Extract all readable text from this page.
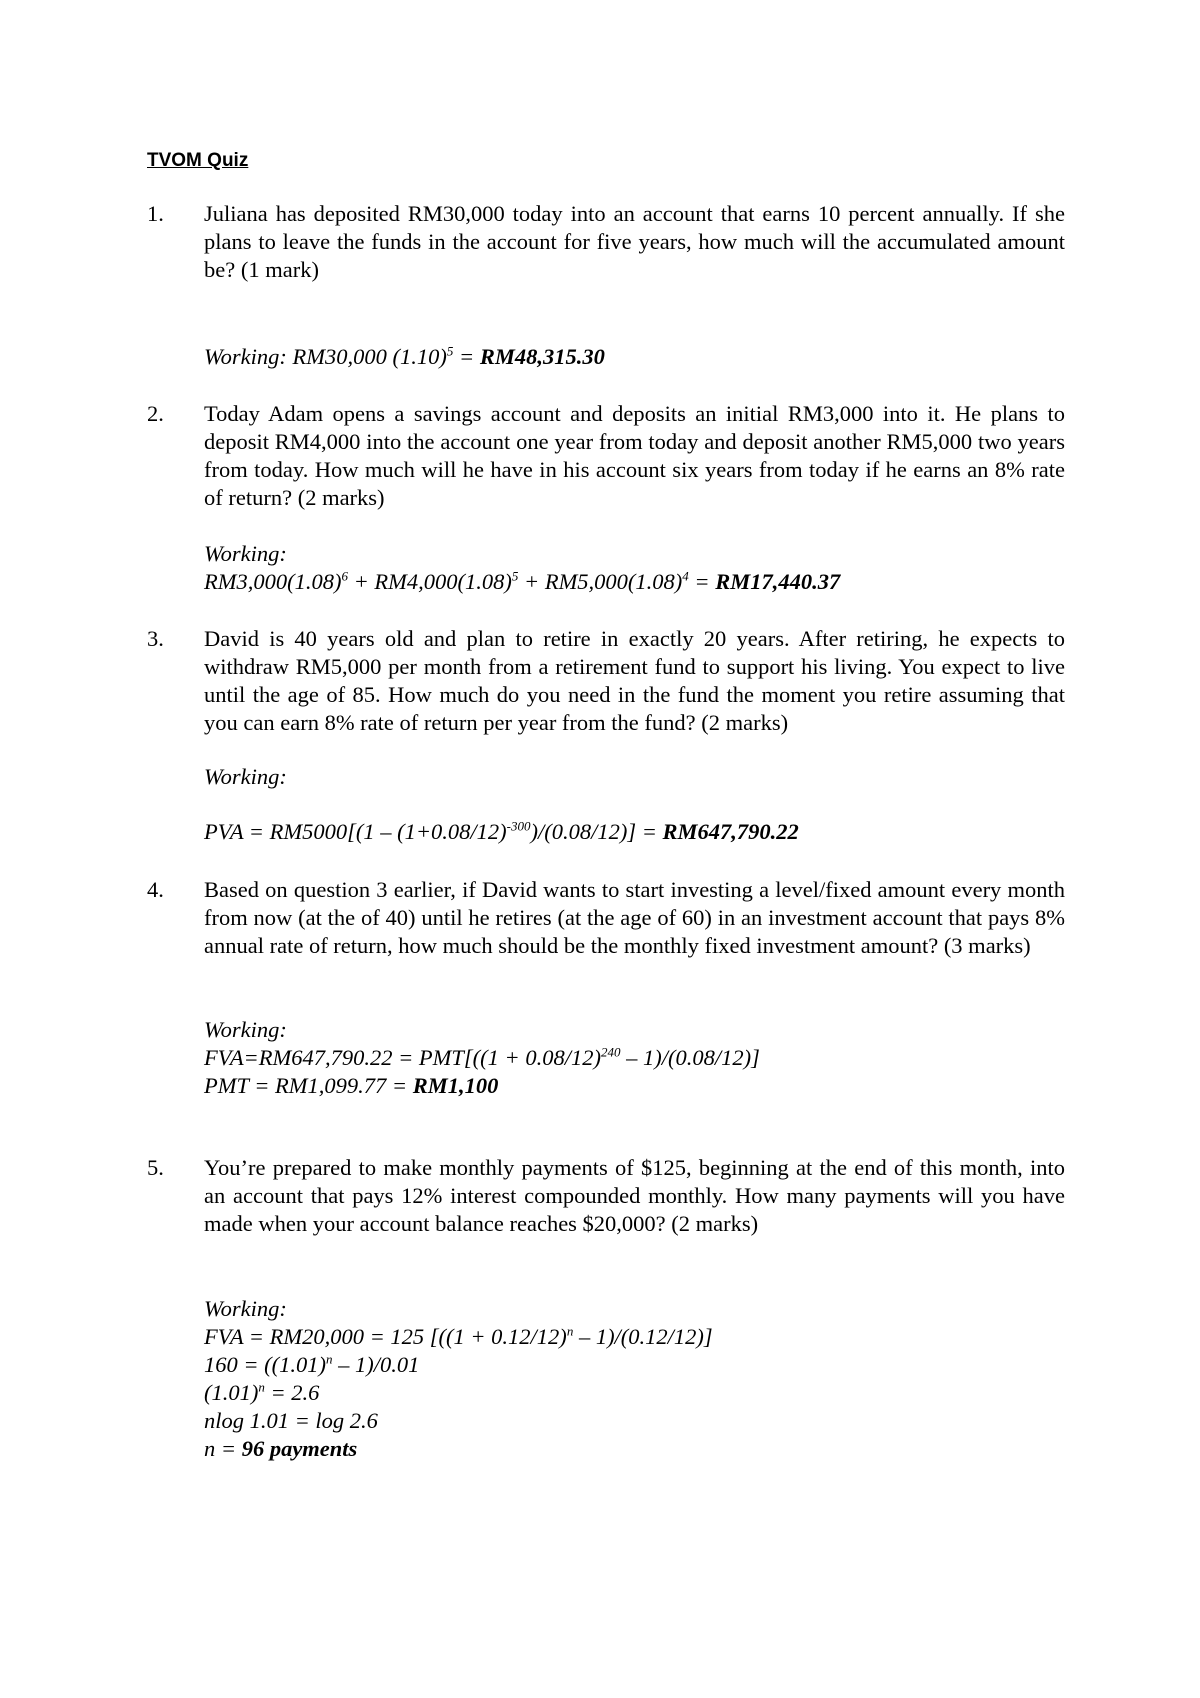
TVOM Quiz
1. Juliana has deposited RM30,000 today into an account that earns 10 percent annually. If she plans to leave the funds in the account for five years, how much will the accumulated amount be? (1 mark)
Working: RM30,000 $(1.10)^5 = RM48,315.30$
2. Today Adam opens a savings account and deposits an initial RM3,000 into it. He plans to deposit RM4,000 into the account one year from today and deposit another RM5,000 two years from today. How much will he have in his account six years from today if he earns an 8% rate of return? (2 marks)
Working:
$RM3,000(1.08)^6 + RM4,000(1.08)^5 + RM5,000(1.08)^4 = RM17,440.37$
3. David is 40 years old and plan to retire in exactly 20 years. After retiring, he expects to withdraw RM5,000 per month from a retirement fund to support his living. You expect to live until the age of 85. How much do you need in the fund the moment you retire assuming that you can earn 8% rate of return per year from the fund? (2 marks)
Working:
PVA = $RM5000[(1 - (1+0.08/12)^{-300})/(0.08/12)] = RM647,790.22$
4. Based on question 3 earlier, if David wants to start investing a level/fixed amount every month from now (at the of 40) until he retires (at the age of 60) in an investment account that pays 8% annual rate of return, how much should be the monthly fixed investment amount? (3 marks)
Working:
$FVA=RM647,790.22 = PMT[((1 + 0.08/12)^{240} - 1)/(0.08/12)]$
PMT = RM1,099.77 = RM1,100
5. You’re prepared to make monthly payments of $125, beginning at the end of this month, into an account that pays 12% interest compounded monthly. How many payments will you have made when your account balance reaches $20,000? (2 marks)
Working:
FVA = RM20,000 = 125 $[((1 + 0.12/12)^n - 1)/(0.12/12)]$
$160 = ((1.01)^n - 1)/0.01$
$(1.01)^n = 2.6$
nlog 1.01 = log 2.6
n = 96 payments
